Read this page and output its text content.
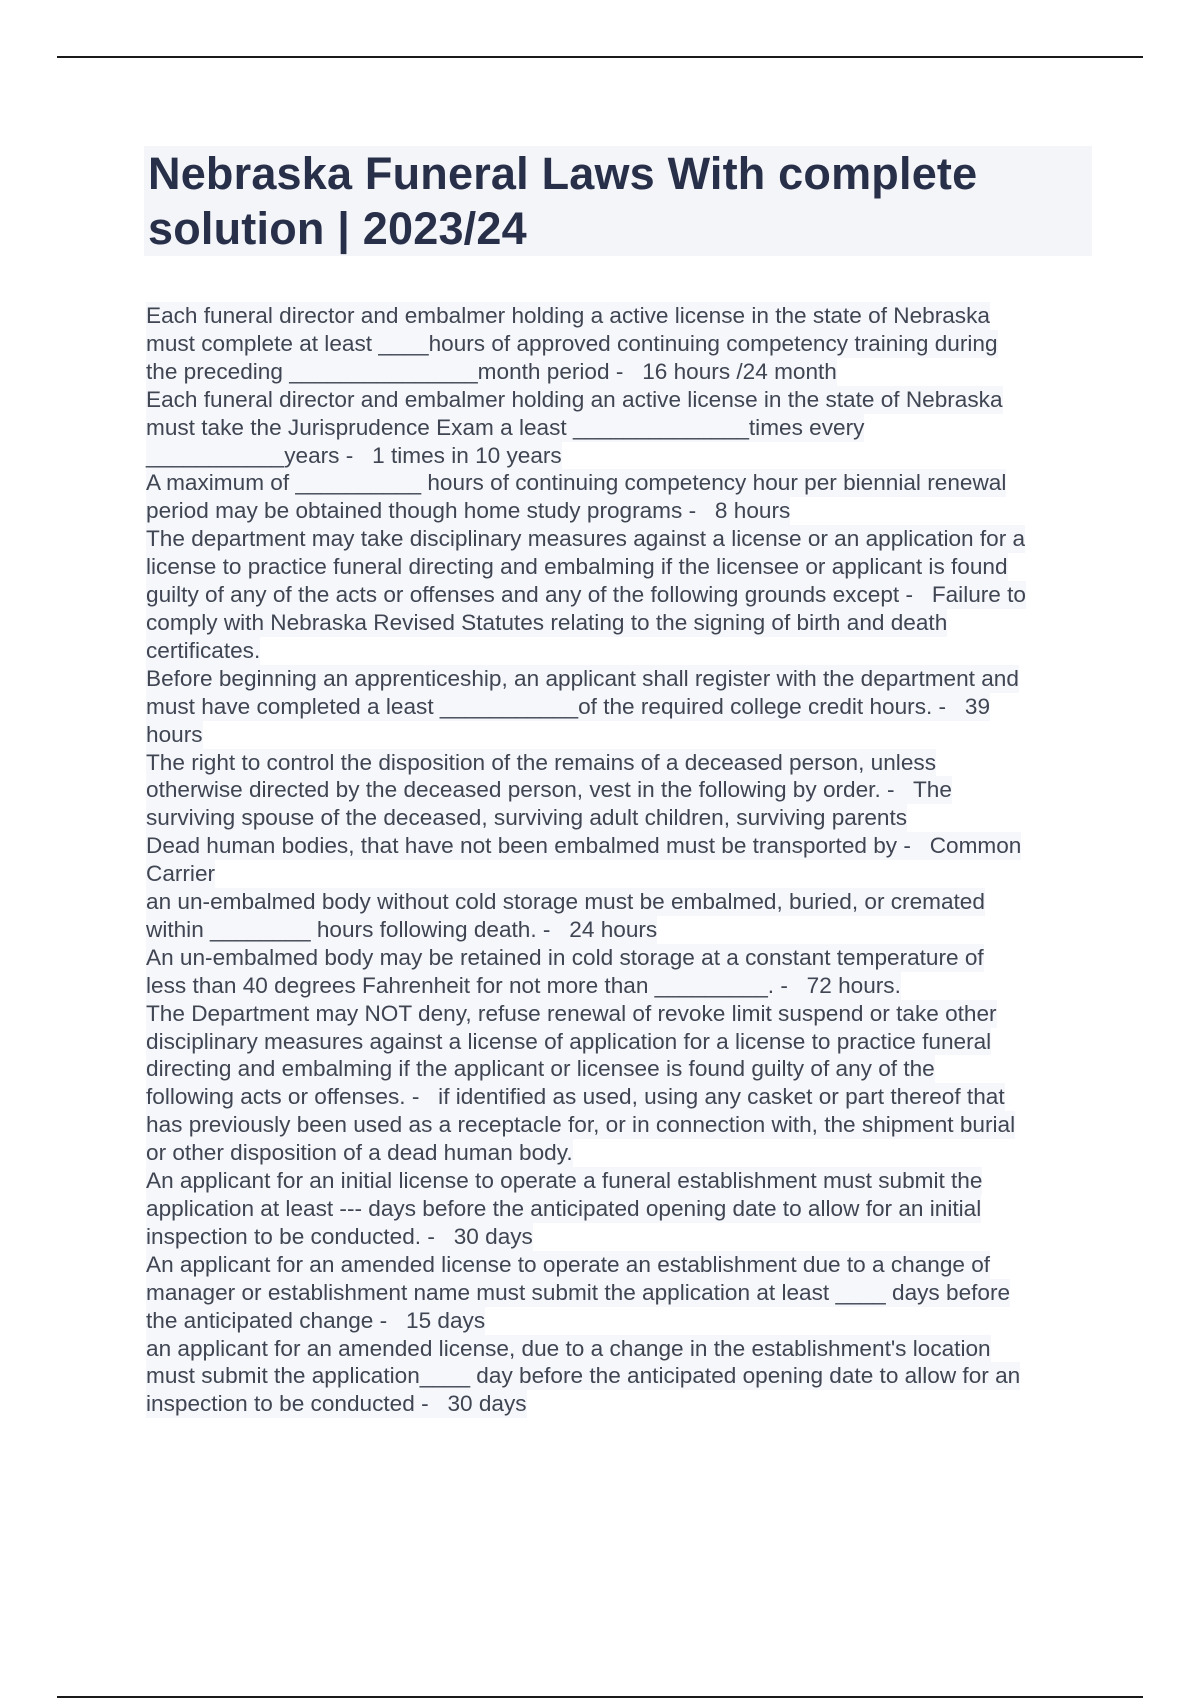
Nebraska Funeral Laws With complete
solution | 2023/24
Each funeral director and embalmer holding a active license in the state of Nebraska
must complete at least ____hours of approved continuing competency training during
the preceding _______________month period -   16 hours /24 month
Each funeral director and embalmer holding an active license in the state of Nebraska
must take the Jurisprudence Exam a least ______________times every
___________years -   1 times in 10 years
A maximum of __________ hours of continuing competency hour per biennial renewal
period may be obtained though home study programs -   8 hours
The department may take disciplinary measures against a license or an application for a
license to practice funeral directing and embalming if the licensee or applicant is found
guilty of any of the acts or offenses and any of the following grounds except -   Failure to
comply with Nebraska Revised Statutes relating to the signing of birth and death
certificates.
Before beginning an apprenticeship, an applicant shall register with the department and
must have completed a least ___________of the required college credit hours. -   39
hours
The right to control the disposition of the remains of a deceased person, unless
otherwise directed by the deceased person, vest in the following by order. -   The
surviving spouse of the deceased, surviving adult children, surviving parents
Dead human bodies, that have not been embalmed must be transported by -   Common
Carrier
an un-embalmed body without cold storage must be embalmed, buried, or cremated
within ________ hours following death. -   24 hours
An un-embalmed body may be retained in cold storage at a constant temperature of
less than 40 degrees Fahrenheit for not more than _________. -   72 hours.
The Department may NOT deny, refuse renewal of revoke limit suspend or take other
disciplinary measures against a license of application for a license to practice funeral
directing and embalming if the applicant or licensee is found guilty of any of the
following acts or offenses. -   if identified as used, using any casket or part thereof that
has previously been used as a receptacle for, or in connection with, the shipment burial
or other disposition of a dead human body.
An applicant for an initial license to operate a funeral establishment must submit the
application at least --- days before the anticipated opening date to allow for an initial
inspection to be conducted. -   30 days
An applicant for an amended license to operate an establishment due to a change of
manager or establishment name must submit the application at least ____ days before
the anticipated change -   15 days
an applicant for an amended license, due to a change in the establishment's location
must submit the application____ day before the anticipated opening date to allow for an
inspection to be conducted -   30 days
